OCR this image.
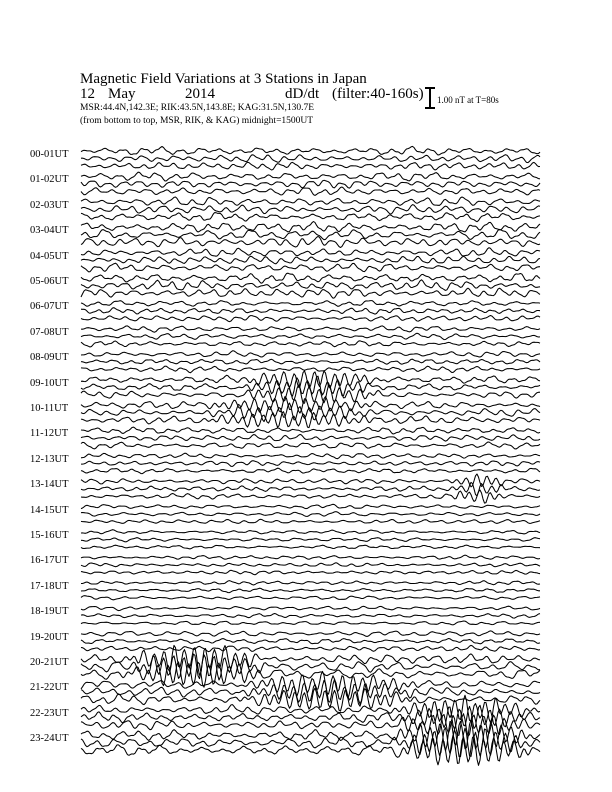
Magnetic Field Variations at 3 Stations in Japan
12 May	2014	dD/dt (filter:40-160s)
MSR:44.4N,142.3E; RIK:43.5N,143.8E; KAG:31.5N,130.7E
(from bottom to top, MSR, RIK, & KAG) midnight=1500UT
1.00 nT at T=80s
00-01UT
01-02UT
02-03UT
03-04UT
04-05UT
05-06UT
06-07UT
07-08UT
08-09UT
09-10UT
10-11UT
11-12UT
12-13UT
13-14UT
14-15UT
15-16UT
16-17UT
17-18UT
18-19UT
19-20UT
20-21UT
21-22UT
22-23UT
23-24UT
